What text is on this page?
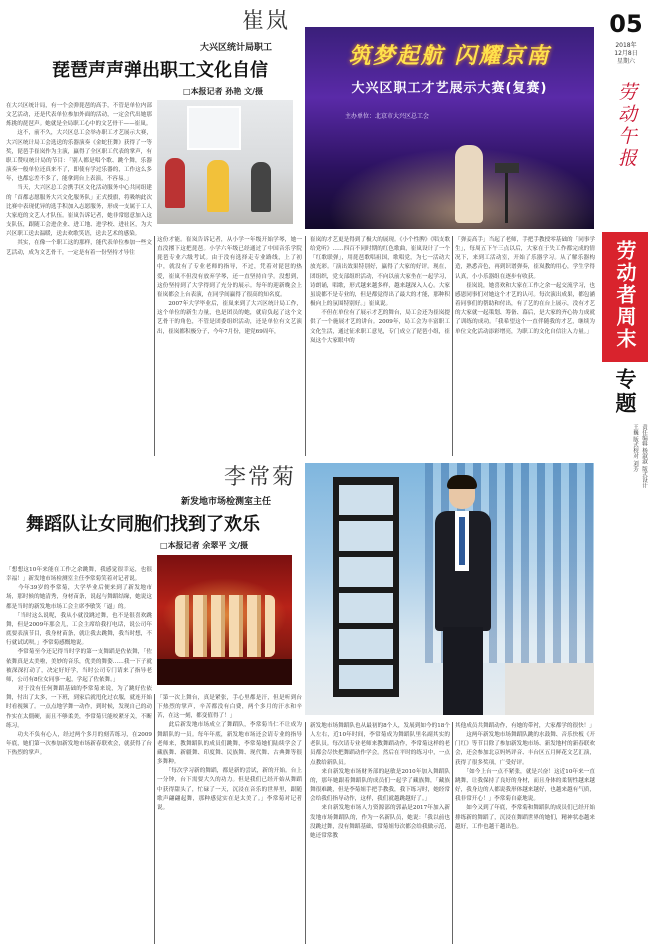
05
2018年
12月8日
星期六
劳动午报
劳动者周末
专题
责任编辑 杨淑淑 版式设计 王巍 版式校对 刘芳
崔岚
大兴区统计局职工
琵琶声声弹出职工文化自信
□本报记者 孙艳 文/摄
筑梦起航 闪耀京南
大兴区职工才艺展示大赛(复赛)
主办单位：北京市大兴区总工会
在大兴区统计局，有一个会弹琵琶的高手，不管是单位内部文艺活动，还是代表单位参加外面的活动，一定会代出她那炼挑的琵琶声。她就是全局职工心中的文艺骨干——崔岚。
　　这不，前不久，大兴区总工会举办职工才艺展示大赛，大兴区统计局工会选送的乐器演奏《金蛇狂舞》获得了一等奖，琵琶手崔岚作为主演，赢得了全区职工代表的掌声，有职工赞叹统计局的节目：「别人都是唱个歌、跳个舞，乐器演奏一般单位还真来不了，即使有学过乐器的，工作这么多年，也都忘差不多了，能拿到台上表演，不容易。」
　　当天，大兴区总工会携手区文化活动服务中心共同组建的「首都志愿服务大兴文化服务队」正式授旗，将吸纳此次比赛中表现优异的选手积加入志愿服务，形成一支属于工人大家庭的文艺人才队伍。崔岚告诉记者，她非常愿意加入这支队伍，跟随工会进企业、进工地、进学校、进社区，为大兴区职工送去温暖，送去欢歌笑语，送去艺术的感染。
　　其实，在像一个职工这的那样，能代表单位参加一些文艺活动，成为文艺骨干，一定是有着一份坚持才导往
这份才能。崔岚告诉记者，从小学一年级开始学琴，她一直没撂下这把琵琶。小学六年级已经通过了中国音乐学院琵琶专业六级考试。由于没有选择走专业路线，上了初中，就没有了专业老师的指导，不过，凭着对琵琶的热爱，崔岚不但没有放弃学琴，还一直坚持自学。没想到，这份坚持到了大学得到了充分的展示。每年的迎新晚会上崔岚都会上台表演，在同学间赢得了很高的知名度。
　　2007年大学毕业后，崔岚来到了大兴区统计局工作，这个单位的新生力量，也是团员的她，就肩负起了这个文艺骨干的角色，不管是团委组织活动，还是单位有文艺演出，崔岚都积极分子，今年7月份，建党69周年，
崔岚的才艺更是得到了极大的展现。《小个性脾》《唱支歌给党听》……四百不同时期的红色歌曲，崔岚设计了一个「红歌联弹」，用琵琶歌唱祖国，歌唱党，为七一活动大放光彩。「演出效果特别好，赢得了大家的好评。现在，团组织，党支部组织活动，不向以前大家坐在一起学习，诗朗诵，唱歌，形式越来越多样，越来越深入人心。大家虽说都不是专业的，但是都觉得出了最大的才能，那种积极向上的氛围特别好。」崔岚说。
　　不但在单位有了展示才艺的舞台，局工会还为崔岚提供了一个施展才艺的讲台。2009年，局工会为丰富职工文化生活，通过征求职工意见，专门成立了琵琶小组，崔岚这个大家眼中的
「弹妾高手」当起了老师，手把手教授零基础的「同事学生」，每周五下午三点以后，大家在于失工作都完成的情况下，来到工活动室，开始了乐器学习。从了解乐器构造，熟悉音色，再到识谱弹奏，崔岚教的用心，学生学得认真，小小乐器组在逐步有收获。
　　崔岚说，她喜欢和大家在工作之余一起交流学习，也感恩同事们对她这个才艺的认可。每次演出成果，都包涵着同事们的帮助和付出，有了艺的在台上展示，没有才艺的大家就一起策划、筹备、幕后，是大家的齐心协力成就了训练的成功。「我希望这个一直伴随我的才艺，继续为单位文化活动添彩增亮，为职工的文化自信注入力量。」
李常菊
新发地市场检测室主任
舞蹈队让女同胞们找到了欢乐
□本报记者 余翠平 文/摄
「想想这10年来能在工作之余跳舞，我感觉很幸运，也很幸福！」新发地市场检测室主任李常菊笑着对记者说。
　　今年39岁的李常菊，大学毕业后便来到了新发地市场，那时候的她清秀，身材苗条，说起与舞蹈结缘，她说这都是当时的新发地市场工会主席李敏笑「逼」的。
　　「当时这么说呢，我从小就没跳过舞，也不是很喜欢跳舞，但是2009年那会儿，工会主席给我打电话，说公司年底要表演节目，我身材苗条，就让我去跳舞，我当时想，不行就试试呗。」李常菊感慨地说。
　　李常菊至今还记得当时学的第一支舞蹈是佐依舞，「佐依舞真是太美啦，美妙的音乐，优美的舞姿……我一下子就被深深打动了，决定好好学，当时公司专门请来了指导老师，公司有8位女同事一起，学起了佐依舞。」
　　对于没有任何舞蹈基础的李常菊来说，为了跳好佐依舞，付出了太多，一下班，到家后就甩化过衣服，就连开始时看视频了。一点点地学舞一动作，到时候，发现自己的动作实在太僵硬，而且不够柔美，李常菊只能咬紧牙关，不断练习。
　　功夫不负有心人，经过两个多月的刻苦练习，在2009年底，她们第一次参加新发地市场新春联欢会，就获得了台下热烈的掌声。
「第一次上舞台，真是紧张，手心里都是汗，但是听到台下热烈的掌声，辛苦都没有白费，两个多月的汗水和辛苦，在这一刻，都变值得了！」
　　此后新发地市场成立了舞蹈队，李常菊当仁不让成为舞蹈队的一员。每年年底，新发地市场还会请专业的指导老师来，教舞蹈队的成员们跳舞，李常菊她们陆续学会了藏族舞、新疆舞、印度舞、民族舞、现代舞、古典舞等很多舞种。
　　「每次学习新的舞蹈，都是新的尝试，新的开始。台上一分钟，台下需要大久的功力。但是我们已经开始从舞蹈中获得甜头了，忙碌了一天，沉浸在音乐的世界里，跟随歌声翩翩起舞，那种感觉实在是太美了。」李常菊对记者说。
新发地市场舞蹈队也从最初的8个人，发展到如今的18个人左右，近10年时间，李常菊成为舞蹈队里名副其实的老队员。每次请专业老师来教舞蹈动作，李常菊这样的老员都会尽快把舞蹈动作学会。然后在平时的练习中，一点点教给新队员。
　　来自新发地市场财务部的赵敏是2010年加入舞蹈队的，那年她跟着舞蹈队的成员们一起学了藏族舞，「藏族舞很难跳，但是李菊姐手把手教我，我下练习时，她经常会给我们指导动作，这样，我们就越跳越好了。」
　　来自新发地市场人力资源部的郭晶是2017年加入新发地市场舞蹈队的，作为一名新队员，她说：「我以前也没跳过舞，没有舞蹈基础，常菊姐每次都会给我做示范，她还常常教
其他成员共舞蹈动作，有她的带衬，大家都学的很快！」
　　这两年新发地市场舞蹈队跳的水鼓舞、音乐快板《开门红》等节目除了参加新发地市场、新发地村的新春联欢会，还会参加北京妈妈评音、丰台区五月鲜花文艺汇演，获得了很多奖项，广受好评。
　　「如今上台一点不紧张，就是兴奋！这近10年来一直跳舞，让我保持了良好的身材，而且身体的柔韧性越来越好，我身边的人都说我形体越来越好，也越来越有气质，我非常开心！」李常菊自豪地说。
　　如今又到了年底，李常菊和舞蹈队的成员们已经开始排练新的舞蹈了，沉浸在舞蹈世界的她们，精神状态越来越好，工作也越干越出色。
